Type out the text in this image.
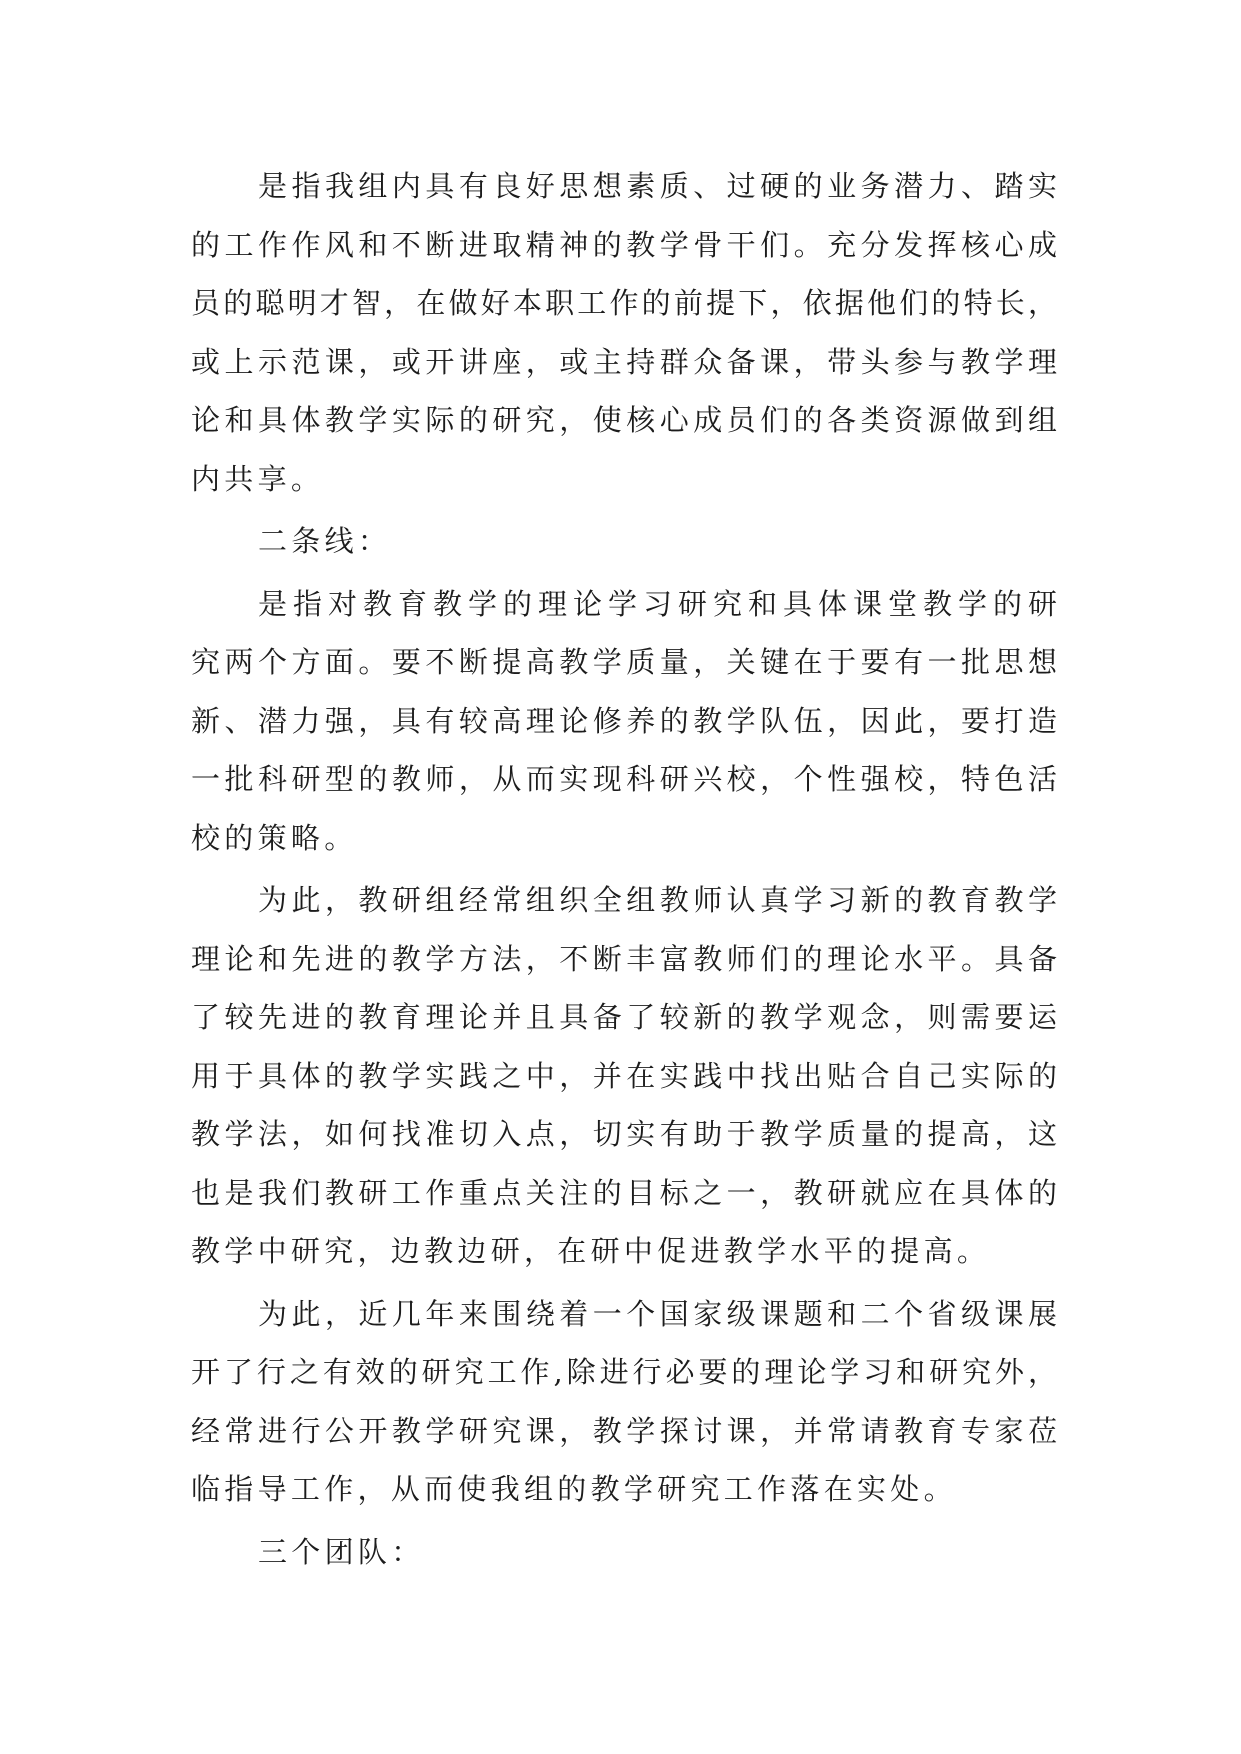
是指我组内具有良好思想素质、过硬的业务潜力、踏实
的工作作风和不断进取精神的教学骨干们。充分发挥核心成
员的聪明才智，在做好本职工作的前提下，依据他们的特长，
或上示范课，或开讲座，或主持群众备课，带头参与教学理
论和具体教学实际的研究，使核心成员们的各类资源做到组
内共享。
二条线：
是指对教育教学的理论学习研究和具体课堂教学的研
究两个方面。要不断提高教学质量，关键在于要有一批思想
新、潜力强，具有较高理论修养的教学队伍，因此，要打造
一批科研型的教师，从而实现科研兴校，个性强校，特色活
校的策略。
为此，教研组经常组织全组教师认真学习新的教育教学
理论和先进的教学方法，不断丰富教师们的理论水平。具备
了较先进的教育理论并且具备了较新的教学观念，则需要运
用于具体的教学实践之中，并在实践中找出贴合自己实际的
教学法，如何找准切入点，切实有助于教学质量的提高，这
也是我们教研工作重点关注的目标之一，教研就应在具体的
教学中研究，边教边研，在研中促进教学水平的提高。
为此，近几年来围绕着一个国家级课题和二个省级课展
开了行之有效的研究工作,除进行必要的理论学习和研究外，
经常进行公开教学研究课，教学探讨课，并常请教育专家莅
临指导工作，从而使我组的教学研究工作落在实处。
三个团队：
